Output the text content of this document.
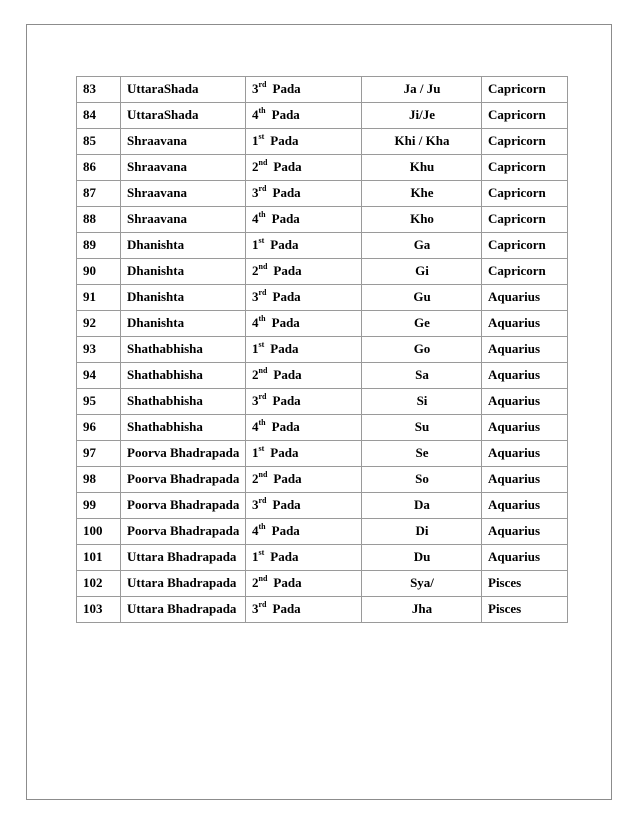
83	UttaraShada	3rd Pada	Ja / Ju	Capricorn
84	UttaraShada	4th Pada	Ji/Je	Capricorn
85	Shraavana	1st Pada	Khi / Kha	Capricorn
86	Shraavana	2nd Pada	Khu	Capricorn
87	Shraavana	3rd Pada	Khe	Capricorn
88	Shraavana	4th Pada	Kho	Capricorn
89	Dhanishta	1st Pada	Ga	Capricorn
90	Dhanishta	2nd Pada	Gi	Capricorn
91	Dhanishta	3rd Pada	Gu	Aquarius
92	Dhanishta	4th Pada	Ge	Aquarius
93	Shathabhisha	1st Pada	Go	Aquarius
94	Shathabhisha	2nd Pada	Sa	Aquarius
95	Shathabhisha	3rd Pada	Si	Aquarius
96	Shathabhisha	4th Pada	Su	Aquarius
97	Poorva Bhadrapada	1st Pada	Se	Aquarius
98	Poorva Bhadrapada	2nd Pada	So	Aquarius
99	Poorva Bhadrapada	3rd Pada	Da	Aquarius
100	Poorva Bhadrapada	4th Pada	Di	Aquarius
101	Uttara Bhadrapada	1st Pada	Du	Aquarius
102	Uttara Bhadrapada	2nd Pada	Sya/	Pisces
103	Uttara Bhadrapada	3rd Pada	Jha	Pisces
